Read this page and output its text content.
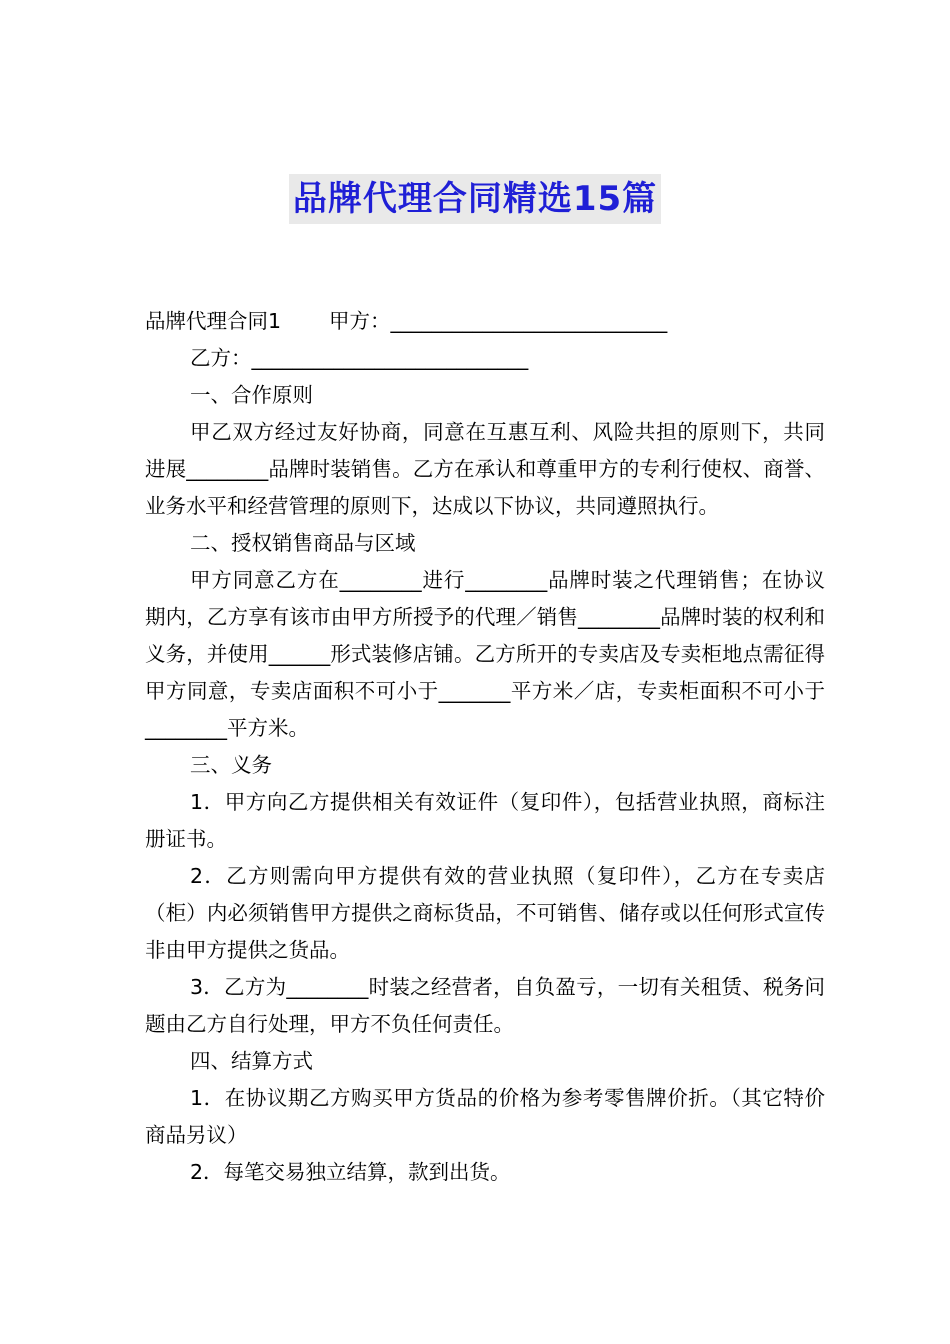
品牌代理合同精选15篇

品牌代理合同1 甲方：___________________________

乙方：___________________________

一、合作原则

甲乙双方经过友好协商，同意在互惠互利、风险共担的原则下，共同进展________品牌时装销售。乙方在承认和尊重甲方的专利行使权、商誉、业务水平和经营管理的原则下，达成以下协议，共同遵照执行。

二、授权销售商品与区域

甲方同意乙方在________进行________品牌时装之代理销售；在协议期内，乙方享有该市由甲方所授予的代理／销售________品牌时装的权利和义务，并使用______形式装修店铺。乙方所开的专卖店及专卖柜地点需征得甲方同意，专卖店面积不可小于_______平方米／店，专卖柜面积不可小于________平方米。

三、义务

1．甲方向乙方提供相关有效证件（复印件），包括营业执照，商标注册证书。

2．乙方则需向甲方提供有效的营业执照（复印件），乙方在专卖店（柜）内必须销售甲方提供之商标货品，不可销售、储存或以任何形式宣传非由甲方提供之货品。

3．乙方为________时装之经营者，自负盈亏，一切有关租赁、税务问题由乙方自行处理，甲方不负任何责任。

四、结算方式

1．在协议期乙方购买甲方货品的价格为参考零售牌价折。（其它特价商品另议）

2．每笔交易独立结算，款到出货。
